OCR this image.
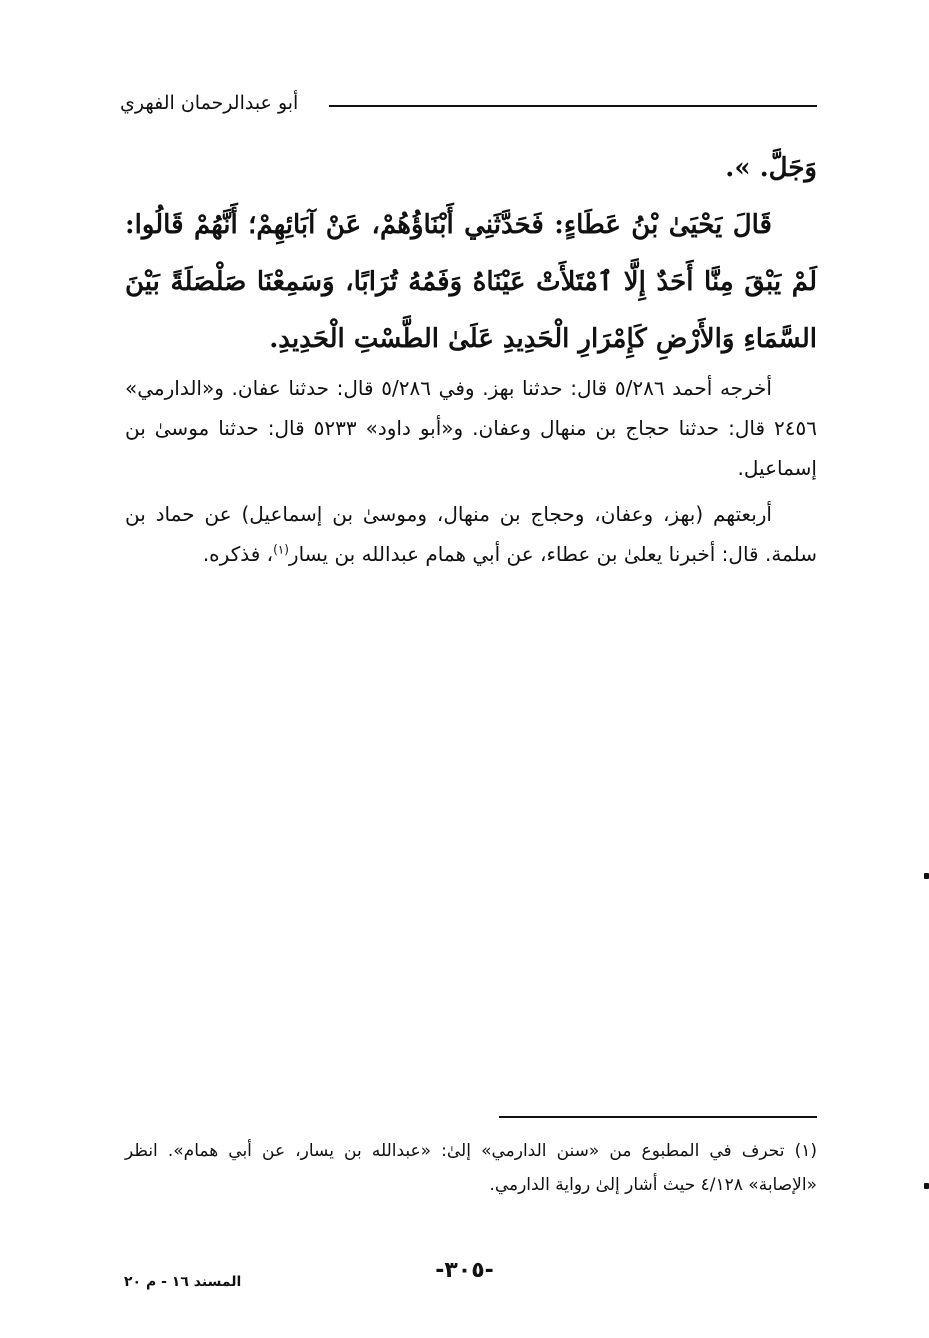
أبو عبدالرحمان الفهري

وَجَلَّ. ».

قَالَ يَحْيَىٰ بْنُ عَطَاءٍ: فَحَدَّثَنِي أَبْنَاؤُهُمْ، عَنْ آبَائِهِمْ؛ أَنَّهُمْ قَالُوا: لَمْ يَبْقَ مِنَّا أَحَدٌ إِلَّا ٱمْتَلأَتْ عَيْنَاهُ وَفَمُهُ تُرَابًا، وَسَمِعْنَا صَلْصَلَةً بَيْنَ السَّمَاءِ وَالأَرْضِ كَإِمْرَارِ الْحَدِيدِ عَلَىٰ الطَّسْتِ الْحَدِيدِ.

أخرجه أحمد ٥/٢٨٦ قال: حدثنا بهز. وفي ٥/٢٨٦ قال: حدثنا عفان. و«الدارمي» ٢٤٥٦ قال: حدثنا حجاج بن منهال وعفان. و«أبو داود» ٥٢٣٣ قال: حدثنا موسىٰ بن إسماعيل.

أربعتهم (بهز، وعفان، وحجاج بن منهال، وموسىٰ بن إسماعيل) عن حماد بن سلمة. قال: أخبرنا يعلىٰ بن عطاء، عن أبي همام عبدالله بن يسار$^{(١)}$، فذكره.

(١) تحرف في المطبوع من «سنن الدارمي» إلىٰ: «عبدالله بن يسار، عن أبي همام». انظر «الإصابة» ٤/١٢٨ حيث أشار إلىٰ رواية الدارمي.
-٣٠٥-
المسند ١٦ - م ٢٠
